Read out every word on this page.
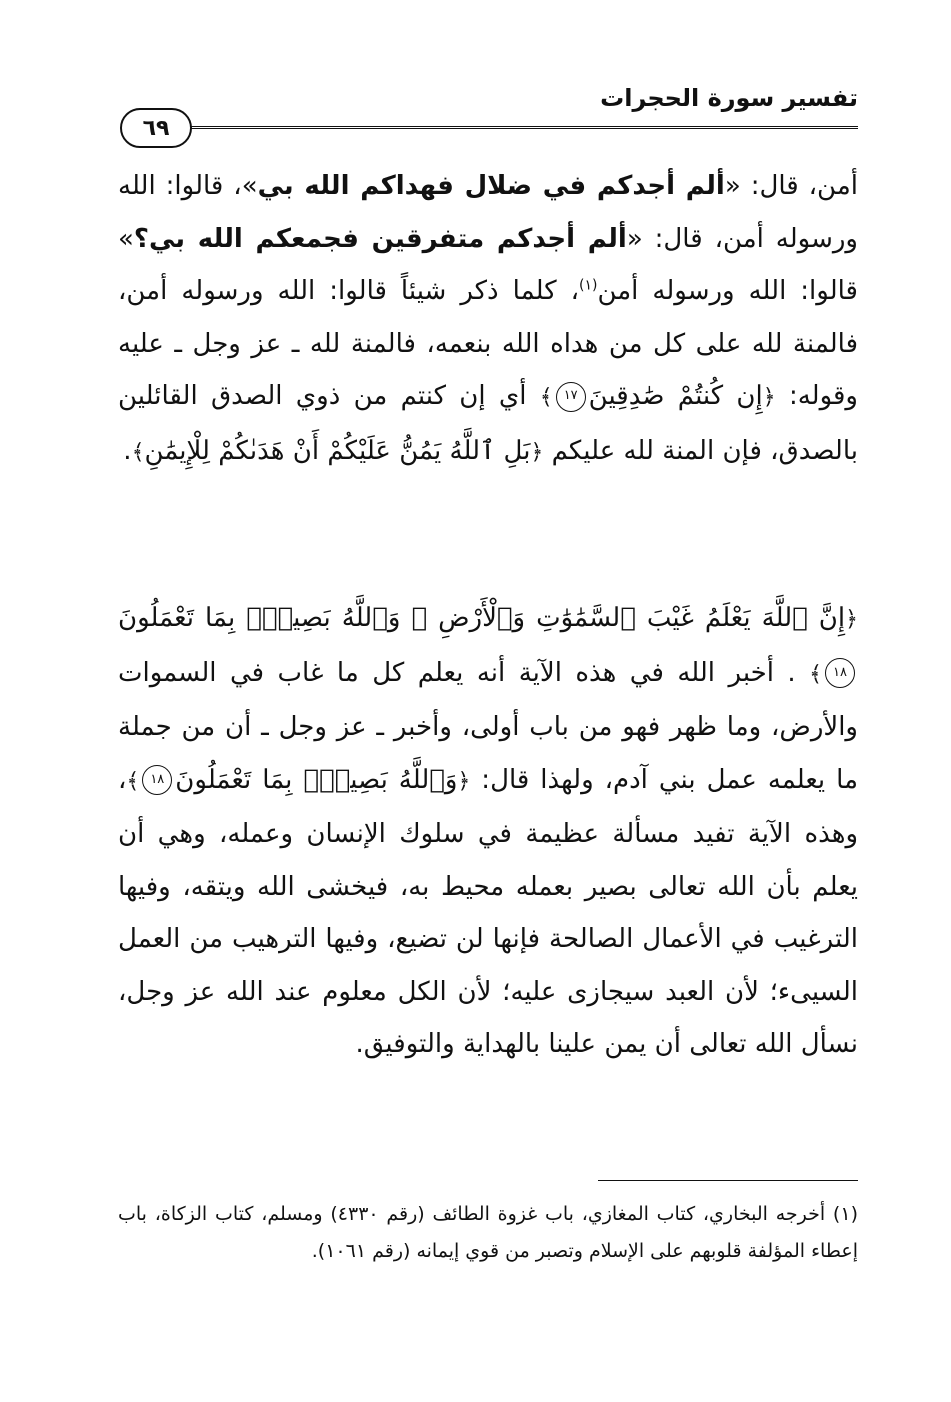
تفسير سورة الحجرات
٦٩

أمن، قال: «ألم أجدكم في ضلال فهداكم الله بي»، قالوا: الله ورسوله أمن، قال: «ألم أجدكم متفرقين فجمعكم الله بي؟» قالوا: الله ورسوله أمن$^{(١)}$، كلما ذكر شيئاً قالوا: الله ورسوله أمن، فالمنة لله على كل من هداه الله بنعمه، فالمنة لله ـ عز وجل ـ عليه وقوله: ﴿إِن كُنتُمْ صَٰدِقِينَ١٧﴾ أي إن كنتم من ذوي الصدق القائلين بالصدق، فإن المنة لله عليكم ﴿بَلِ ٱللَّهُ يَمُنُّ عَلَيْكُمْ أَنْ هَدَىٰكُمْ لِلْإِيمَٰنِ﴾.

﴿إِنَّ ٱللَّهَ يَعْلَمُ غَيْبَ ٱلسَّمَٰوَٰتِ وَٱلْأَرْضِ ۚ وَٱللَّهُ بَصِيرٌۢ بِمَا تَعْمَلُونَ١٨﴾ . أخبر الله في هذه الآية أنه يعلم كل ما غاب في السموات والأرض، وما ظهر فهو من باب أولى، وأخبر ـ عز وجل ـ أن من جملة ما يعلمه عمل بني آدم، ولهذا قال: ﴿وَٱللَّهُ بَصِيرٌۢ بِمَا تَعْمَلُونَ١٨﴾، وهذه الآية تفيد مسألة عظيمة في سلوك الإنسان وعمله، وهي أن يعلم بأن الله تعالى بصير بعمله محيط به، فيخشى الله ويتقه، وفيها الترغيب في الأعمال الصالحة فإنها لن تضيع، وفيها الترهيب من العمل السيىء؛ لأن العبد سيجازى عليه؛ لأن الكل معلوم عند الله عز وجل، نسأل الله تعالى أن يمن علينا بالهداية والتوفيق.

(١) أخرجه البخاري، كتاب المغازي، باب غزوة الطائف (رقم ٤٣٣٠) ومسلم، كتاب الزكاة، باب إعطاء المؤلفة قلوبهم على الإسلام وتصبر من قوي إيمانه (رقم ١٠٦١).
